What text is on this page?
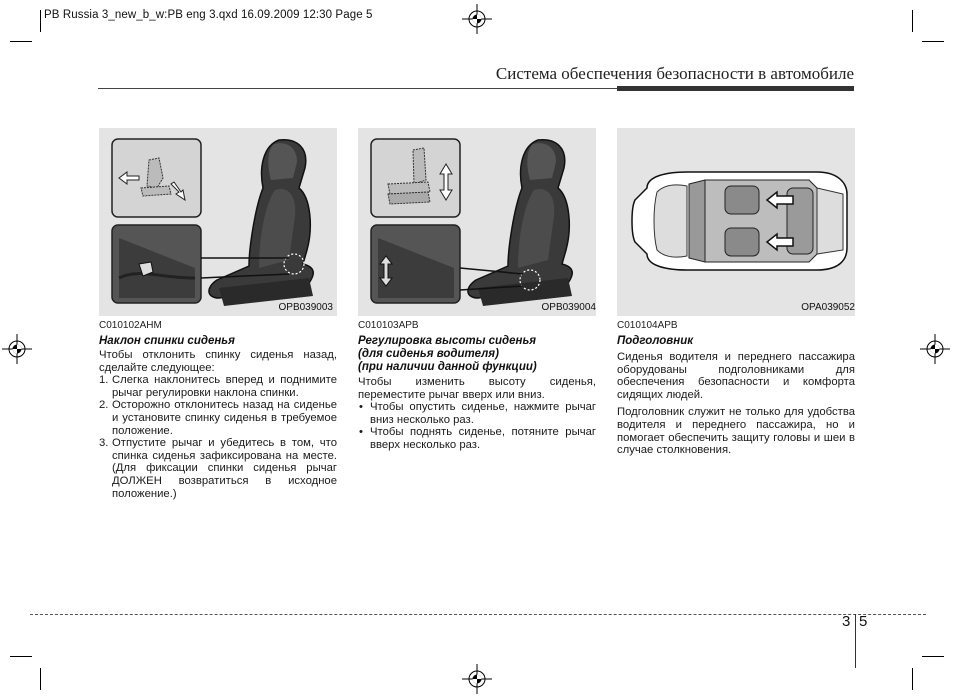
PB Russia 3_new_b_w:PB eng 3.qxd 16.09.2009 12:30 Page 5
Система обеспечения безопасности в автомобиле
OPB039003
C010102AHM
Наклон спинки сиденья

Чтобы отклонить спинку сиденья назад, сделайте следующее:

1. Слегка наклонитесь вперед и поднимите рычаг регулировки наклона спинки.
2. Осторожно отклонитесь назад на сиденье и установите спинку сиденья в требуемое положение.
3. Отпустите рычаг и убедитесь в том, что спинка сиденья зафиксирована на месте. (Для фиксации спинки сиденья рычаг ДОЛЖЕН возвратиться в исходное положение.)
OPB039004
C010103APB
Регулировка высоты сиденья
(для сиденья водителя)
(при наличии данной функции)

Чтобы изменить высоту сиденья, переместите рычаг вверх или вниз.

• Чтобы опустить сиденье, нажмите рычаг вниз несколько раз.
• Чтобы поднять сиденье, потяните рычаг вверх несколько раз.
OPA039052
C010104APB
Подголовник

Сиденья водителя и переднего пассажира оборудованы подголовниками для обеспечения безопасности и комфорта сидящих людей.

Подголовник служит не только для удобства водителя и переднего пассажира, но и помогает обеспечить защиту головы и шеи в случае столкновения.

3 5
